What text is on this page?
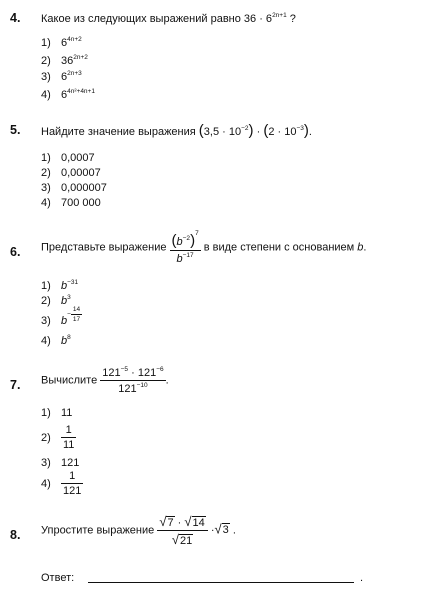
4. Какое из следующих выражений равно $36 \cdot 6^{2n+1}$ ?
1) $6^{4n+2}$
2) $36^{2n+2}$
3) $6^{2n+3}$
4) $6^{4n^2+4n+1}$
5. Найдите значение выражения $(3,5 \cdot 10^{-2}) \cdot (2 \cdot 10^{-3})$.
1) 0,0007
2) 0,00007
3) 0,000007
4) 700 000
6. Представьте выражение $\frac{(b^{-2})^7}{b^{-17}}$ в виде степени с основанием b.
1) $b^{-31}$
2) $b^3$
3) $b- \frac{14}{17}$
4) $b^8$
7. Вычислите $\frac{121^{-5} \cdot 121^{-6}}{121^{-10}}$ .
1) 11
$2) \frac{1}{11}$
3) 121
$4) \frac{1}{121}$
8. Упростите выражение $\frac{√7 \cdot √14}{√21} \cdot√3$ .
Ответ:	.
